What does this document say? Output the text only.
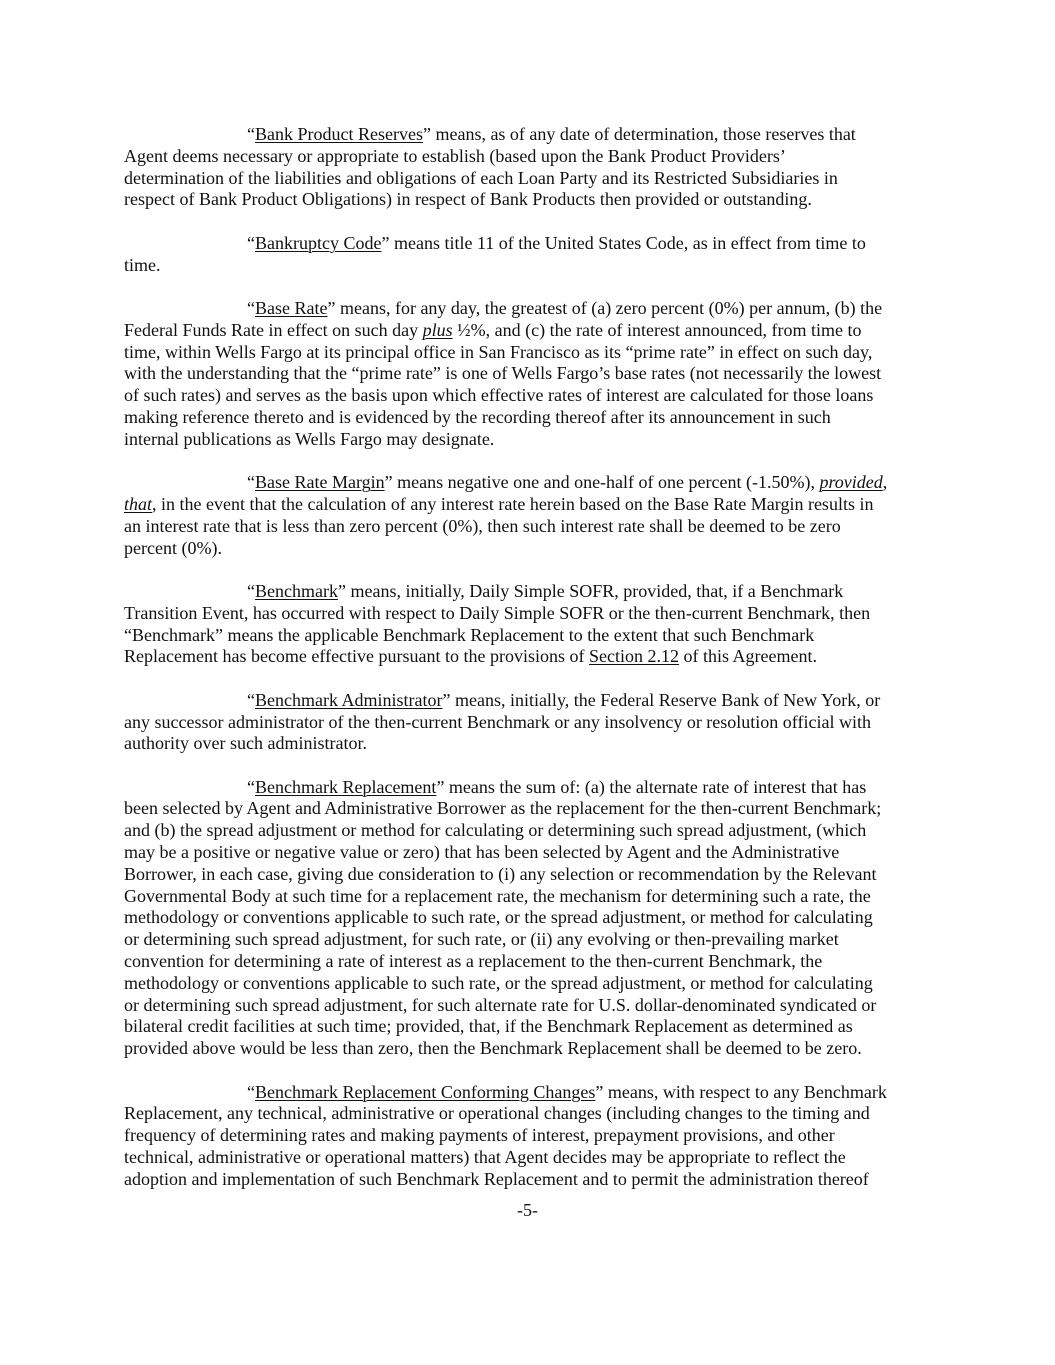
“Bank Product Reserves” means, as of any date of determination, those reserves that
Agent deems necessary or appropriate to establish (based upon the Bank Product Providers’
determination of the liabilities and obligations of each Loan Party and its Restricted Subsidiaries in
respect of Bank Product Obligations) in respect of Bank Products then provided or outstanding.
“Bankruptcy Code” means title 11 of the United States Code, as in effect from time to
time.
“Base Rate” means, for any day, the greatest of (a) zero percent (0%) per annum, (b) the
Federal Funds Rate in effect on such day plus ½%, and (c) the rate of interest announced, from time to
time, within Wells Fargo at its principal office in San Francisco as its “prime rate” in effect on such day,
with the understanding that the “prime rate” is one of Wells Fargo’s base rates (not necessarily the lowest
of such rates) and serves as the basis upon which effective rates of interest are calculated for those loans
making reference thereto and is evidenced by the recording thereof after its announcement in such
internal publications as Wells Fargo may designate.
“Base Rate Margin” means negative one and one-half of one percent (-1.50%), provided,
that, in the event that the calculation of any interest rate herein based on the Base Rate Margin results in
an interest rate that is less than zero percent (0%), then such interest rate shall be deemed to be zero
percent (0%).
“Benchmark” means, initially, Daily Simple SOFR, provided, that, if a Benchmark
Transition Event, has occurred with respect to Daily Simple SOFR or the then-current Benchmark, then
“Benchmark” means the applicable Benchmark Replacement to the extent that such Benchmark
Replacement has become effective pursuant to the provisions of Section 2.12 of this Agreement.
“Benchmark Administrator” means, initially, the Federal Reserve Bank of New York, or
any successor administrator of the then-current Benchmark or any insolvency or resolution official with
authority over such administrator.
“Benchmark Replacement” means the sum of: (a) the alternate rate of interest that has
been selected by Agent and Administrative Borrower as the replacement for the then-current Benchmark;
and (b) the spread adjustment or method for calculating or determining such spread adjustment, (which
may be a positive or negative value or zero) that has been selected by Agent and the Administrative
Borrower, in each case, giving due consideration to (i) any selection or recommendation by the Relevant
Governmental Body at such time for a replacement rate, the mechanism for determining such a rate, the
methodology or conventions applicable to such rate, or the spread adjustment, or method for calculating
or determining such spread adjustment, for such rate, or (ii) any evolving or then-prevailing market
convention for determining a rate of interest as a replacement to the then-current Benchmark, the
methodology or conventions applicable to such rate, or the spread adjustment, or method for calculating
or determining such spread adjustment, for such alternate rate for U.S. dollar-denominated syndicated or
bilateral credit facilities at such time; provided, that, if the Benchmark Replacement as determined as
provided above would be less than zero, then the Benchmark Replacement shall be deemed to be zero.
“Benchmark Replacement Conforming Changes” means, with respect to any Benchmark
Replacement, any technical, administrative or operational changes (including changes to the timing and
frequency of determining rates and making payments of interest, prepayment provisions, and other
technical, administrative or operational matters) that Agent decides may be appropriate to reflect the
adoption and implementation of such Benchmark Replacement and to permit the administration thereof
-5-
